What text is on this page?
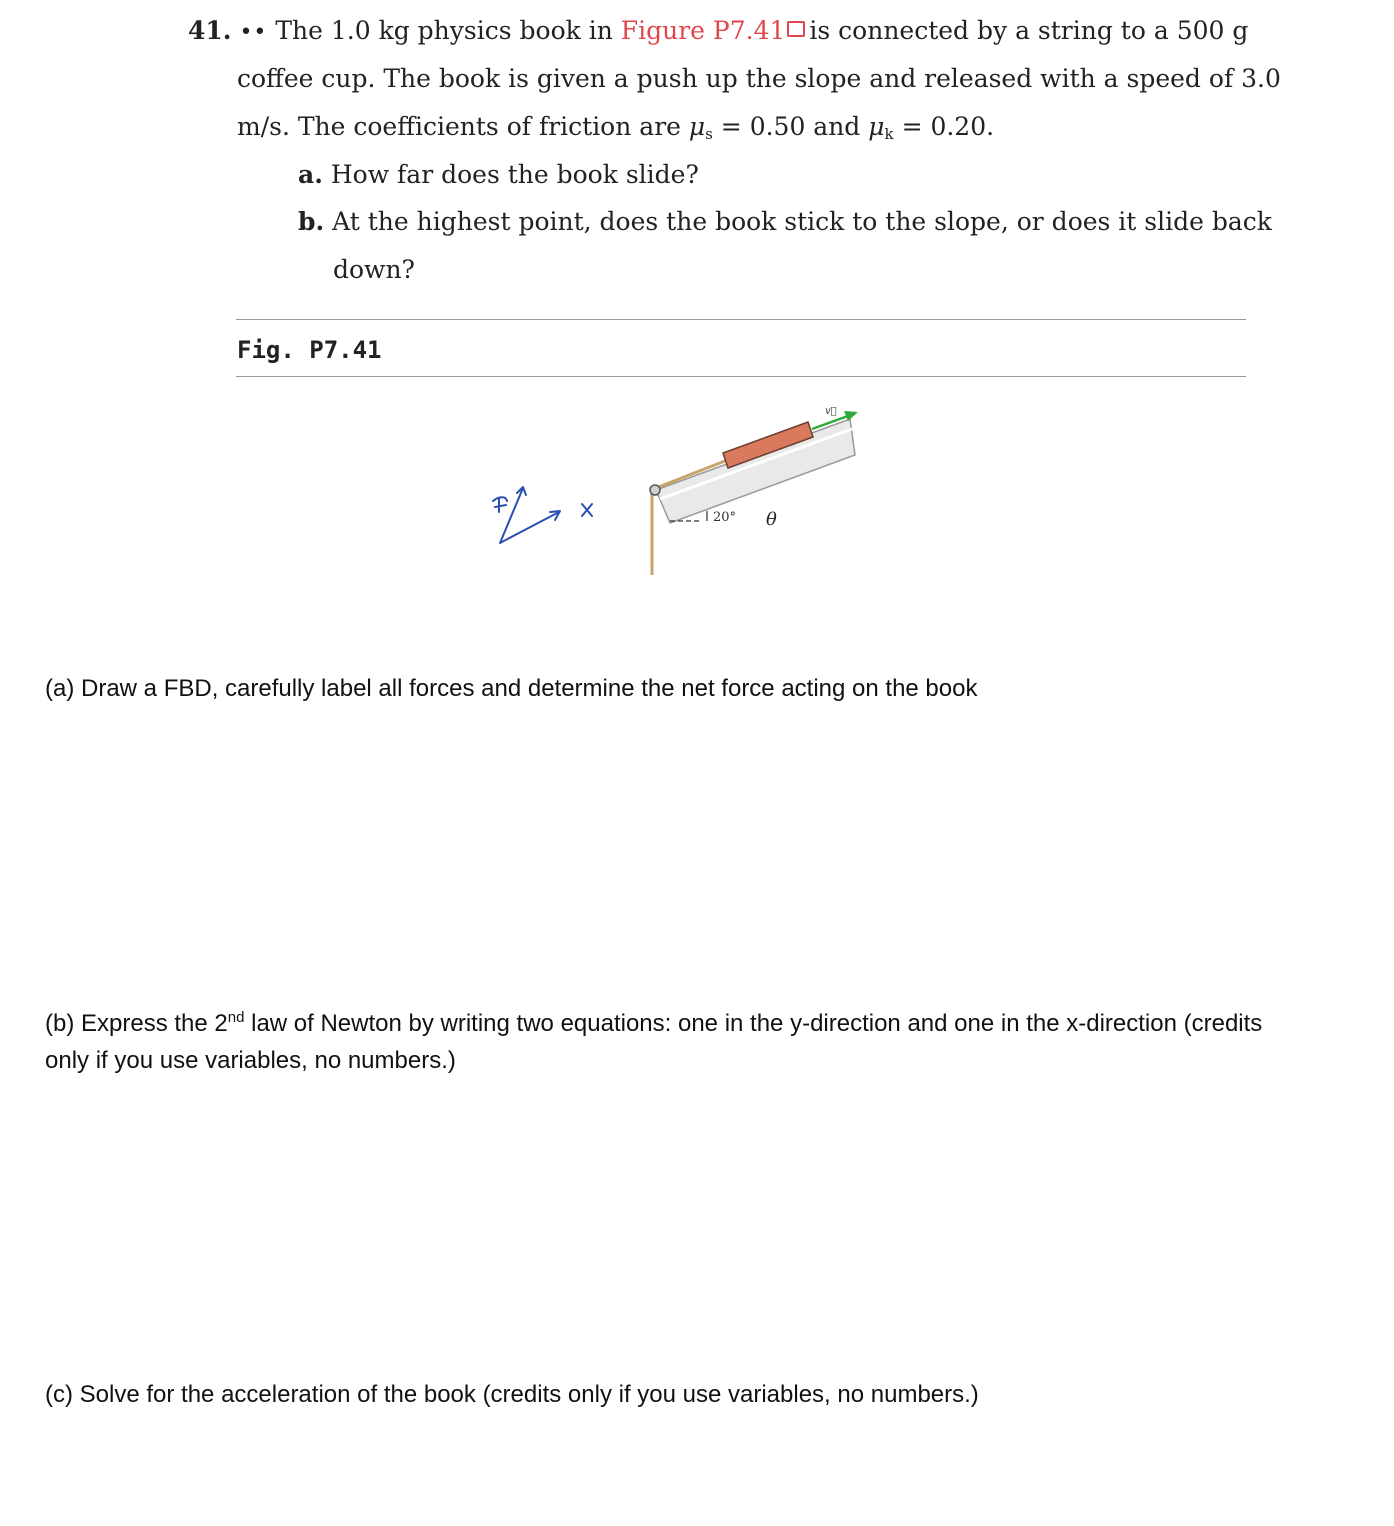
41. •• The 1.0 kg physics book in Figure P7.41 is connected by a string to a 500 g
coffee cup. The book is given a push up the slope and released with a speed of 3.0
m/s. The coefficients of friction are $\mu_s = 0.50$ and $\mu_k = 0.20$.
a. How far does the book slide?
b. At the highest point, does the book stick to the slope, or does it slide back
down?
Fig. P7.41
v⃗
20° θ
(a) Draw a FBD, carefully label all forces and determine the net force acting on the book
(b) Express the 2nd law of Newton by writing two equations: one in the y-direction and one in the x-direction (credits
only if you use variables, no numbers.)
(c) Solve for the acceleration of the book (credits only if you use variables, no numbers.)
